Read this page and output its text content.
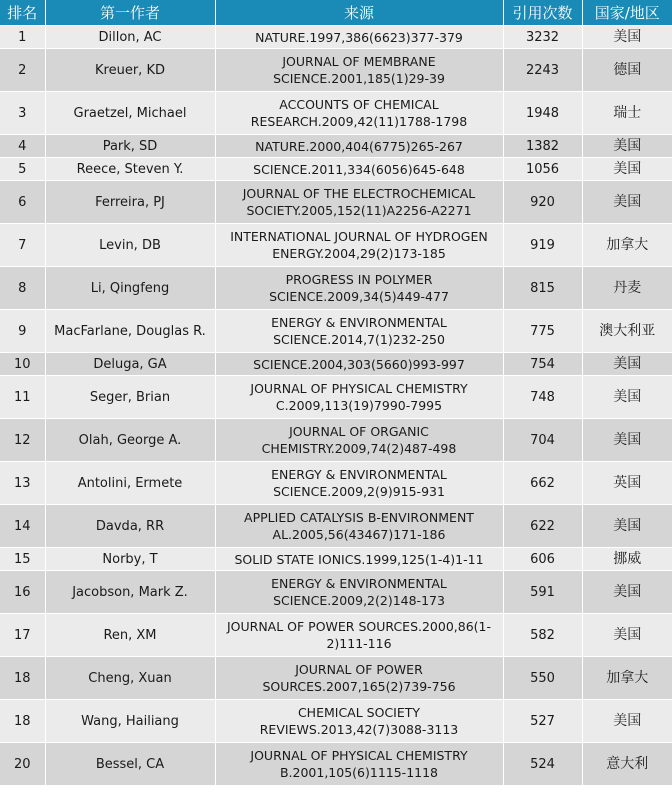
排名	第一作者	来源	引用次数	国家/地区
1	Dillon, AC	NATURE.1997,386(6623)377-379	3232	美国
2	Kreuer, KD	JOURNAL OF MEMBRANE SCIENCE.2001,185(1)29-39	2243	德国
3	Graetzel, Michael	ACCOUNTS OF CHEMICAL RESEARCH.2009,42(11)1788-1798	1948	瑞士
4	Park, SD	NATURE.2000,404(6775)265-267	1382	美国
5	Reece, Steven Y.	SCIENCE.2011,334(6056)645-648	1056	美国
6	Ferreira, PJ	JOURNAL OF THE ELECTROCHEMICAL SOCIETY.2005,152(11)A2256-A2271	920	美国
7	Levin, DB	INTERNATIONAL JOURNAL OF HYDROGEN ENERGY.2004,29(2)173-185	919	加拿大
8	Li, Qingfeng	PROGRESS IN POLYMER SCIENCE.2009,34(5)449-477	815	丹麦
9	MacFarlane, Douglas R.	ENERGY & ENVIRONMENTAL SCIENCE.2014,7(1)232-250	775	澳大利亚
10	Deluga, GA	SCIENCE.2004,303(5660)993-997	754	美国
11	Seger, Brian	JOURNAL OF PHYSICAL CHEMISTRY C.2009,113(19)7990-7995	748	美国
12	Olah, George A.	JOURNAL OF ORGANIC CHEMISTRY.2009,74(2)487-498	704	美国
13	Antolini, Ermete	ENERGY & ENVIRONMENTAL SCIENCE.2009,2(9)915-931	662	英国
14	Davda, RR	APPLIED CATALYSIS B-ENVIRONMENT AL.2005,56(43467)171-186	622	美国
15	Norby, T	SOLID STATE IONICS.1999,125(1-4)1-11	606	挪威
16	Jacobson, Mark Z.	ENERGY & ENVIRONMENTAL SCIENCE.2009,2(2)148-173	591	美国
17	Ren, XM	JOURNAL OF POWER SOURCES.2000,86(1-2)111-116	582	美国
18	Cheng, Xuan	JOURNAL OF POWER SOURCES.2007,165(2)739-756	550	加拿大
18	Wang, Hailiang	CHEMICAL SOCIETY REVIEWS.2013,42(7)3088-3113	527	美国
20	Bessel, CA	JOURNAL OF PHYSICAL CHEMISTRY B.2001,105(6)1115-1118	524	意大利
